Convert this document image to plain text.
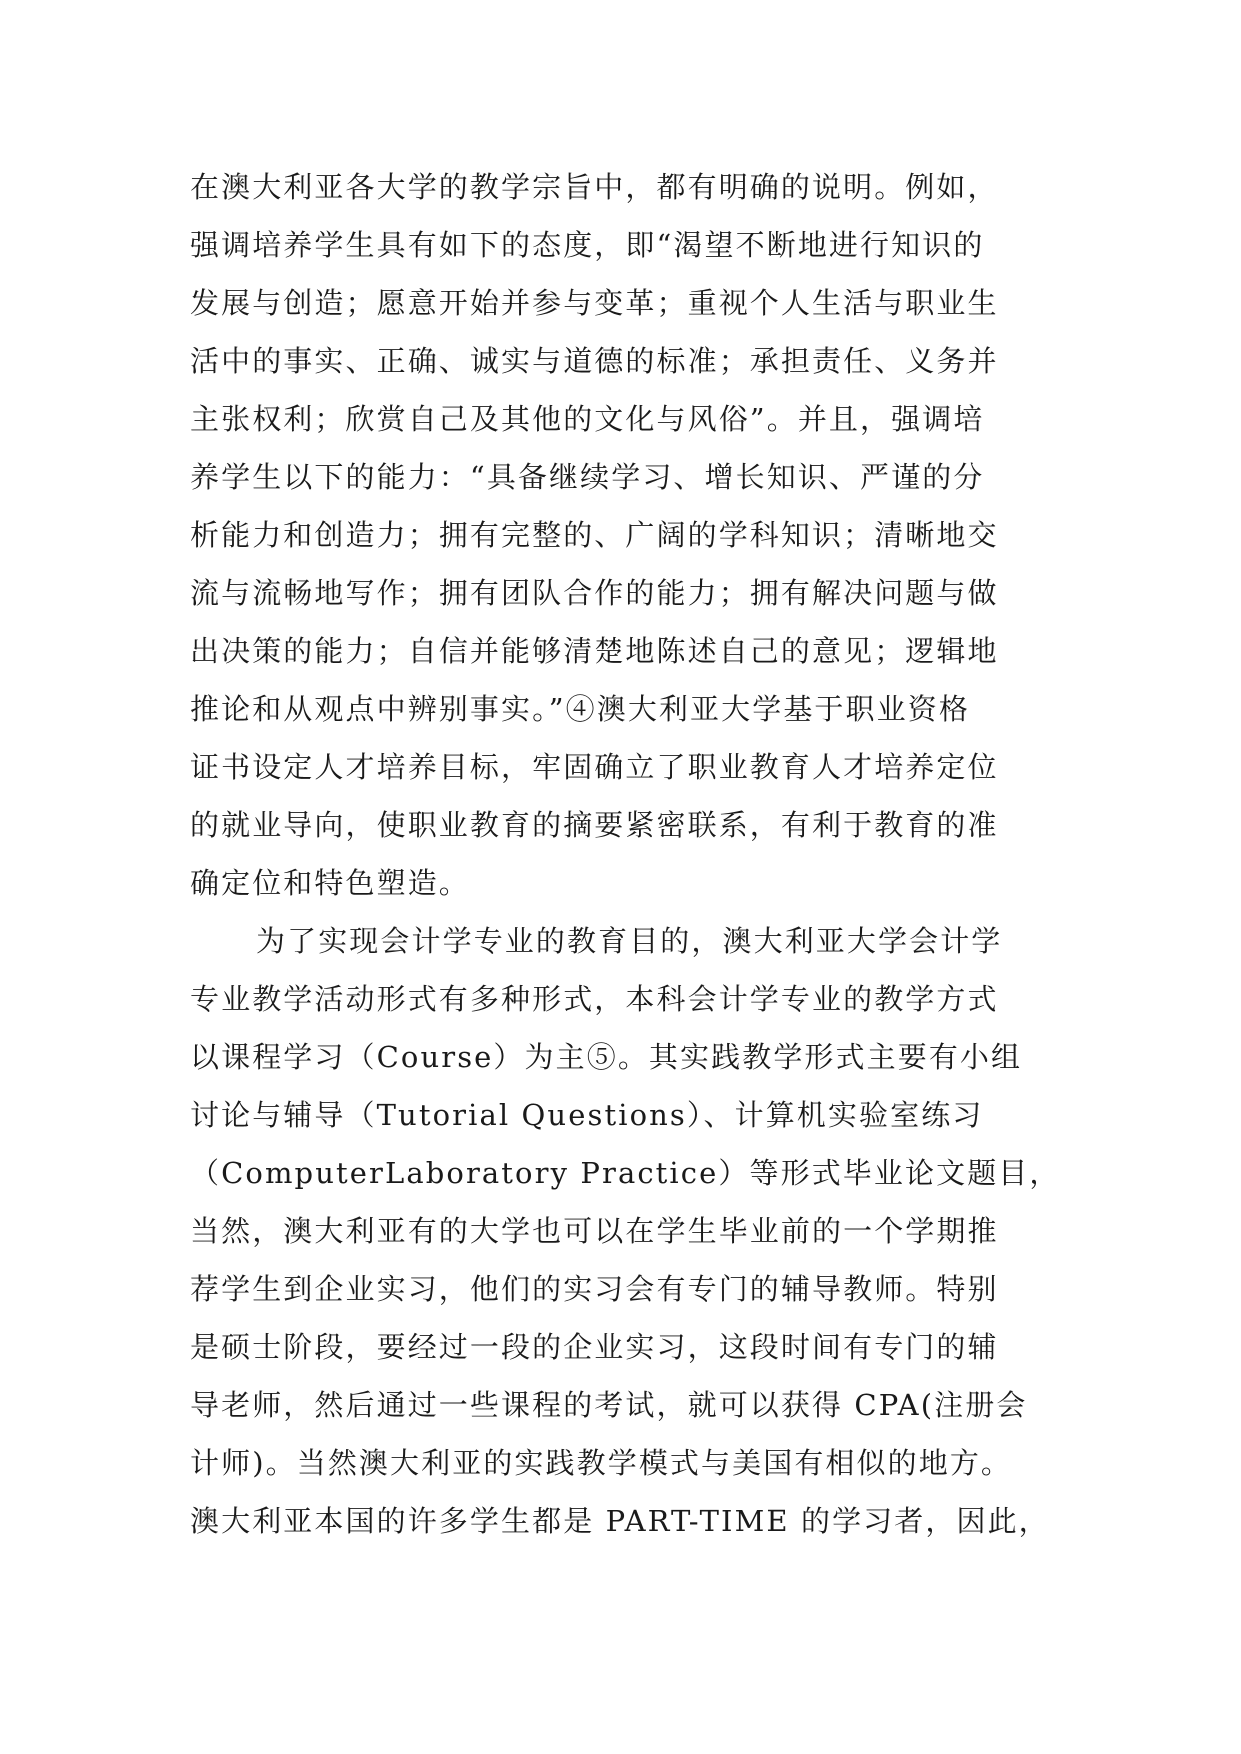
在澳大利亚各大学的教学宗旨中，都有明确的说明。例如，
强调培养学生具有如下的态度，即“渴望不断地进行知识的
发展与创造；愿意开始并参与变革；重视个人生活与职业生
活中的事实、正确、诚实与道德的标准；承担责任、义务并
主张权利；欣赏自己及其他的文化与风俗”。并且，强调培
养学生以下的能力：“具备继续学习、增长知识、严谨的分
析能力和创造力；拥有完整的、广阔的学科知识；清晰地交
流与流畅地写作；拥有团队合作的能力；拥有解决问题与做
出决策的能力；自信并能够清楚地陈述自己的意见；逻辑地
推论和从观点中辨别事实。”④澳大利亚大学基于职业资格
证书设定人才培养目标，牢固确立了职业教育人才培养定位
的就业导向，使职业教育的摘要紧密联系，有利于教育的准
确定位和特色塑造。
为了实现会计学专业的教育目的，澳大利亚大学会计学
专业教学活动形式有多种形式，本科会计学专业的教学方式
以课程学习（Course）为主⑤。其实践教学形式主要有小组
讨论与辅导（Tutorial Questions）、计算机实验室练习
（ComputerLaboratory Practice）等形式毕业论文题目，
当然，澳大利亚有的大学也可以在学生毕业前的一个学期推
荐学生到企业实习，他们的实习会有专门的辅导教师。特别
是硕士阶段，要经过一段的企业实习，这段时间有专门的辅
导老师，然后通过一些课程的考试，就可以获得 CPA(注册会
计师)。当然澳大利亚的实践教学模式与美国有相似的地方。
澳大利亚本国的许多学生都是 PART-TIME 的学习者，因此，
